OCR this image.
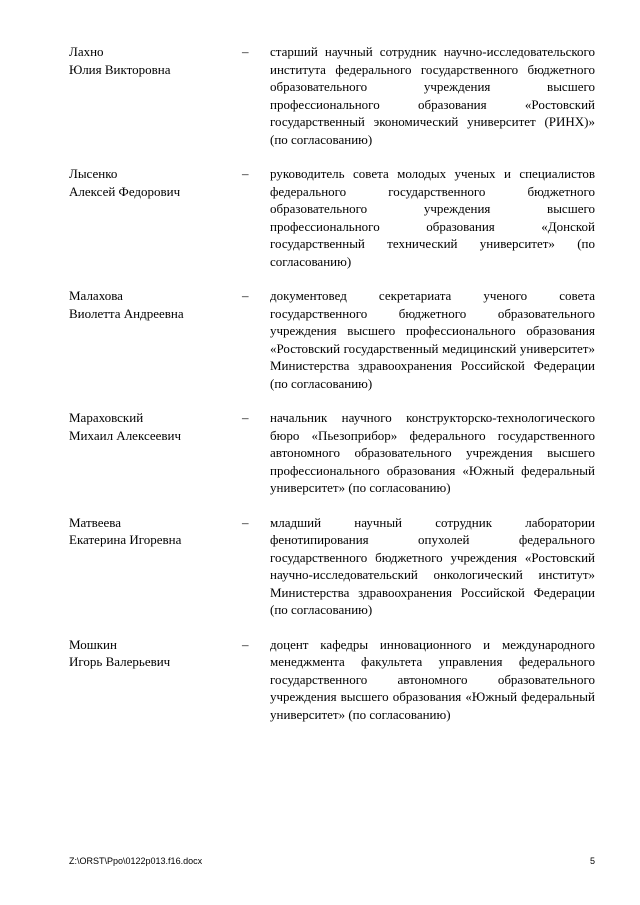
Лахно
Юлия Викторовна
–	старший научный сотрудник научно-исследовательского института федерального государственного бюджетного образовательного учреждения высшего профессионального образования «Ростовский государственный экономический университет (РИНХ)» (по согласованию)
Лысенко
Алексей Федорович
–	руководитель совета молодых ученых и специалистов федерального государственного бюджетного образовательного учреждения высшего профессионального образования «Донской государственный технический университет» (по согласованию)
Малахова
Виолетта Андреевна
–	документовед секретариата ученого совета государственного бюджетного образовательного учреждения высшего профессионального образования «Ростовский государственный медицинский университет» Министерства здравоохранения Российской Федерации (по согласованию)
Мараховский
Михаил Алексеевич
–	начальник научного конструкторско-технологического бюро «Пьезоприбор» федерального государственного автономного образовательного учреждения высшего профессионального образования «Южный федеральный университет» (по согласованию)
Матвеева
Екатерина Игоревна
–	младший научный сотрудник лаборатории фенотипирования опухолей федерального государственного бюджетного учреждения «Ростовский научно-исследовательский онкологический институт» Министерства здравоохранения Российской Федерации (по согласованию)
Мошкин
Игорь Валерьевич
–	доцент кафедры инновационного и международного менеджмента факультета управления федерального государственного автономного образовательного учреждения высшего образования «Южный федеральный университет» (по согласованию)
Z:\ORST\Ppo\0122p013.f16.docx	5
